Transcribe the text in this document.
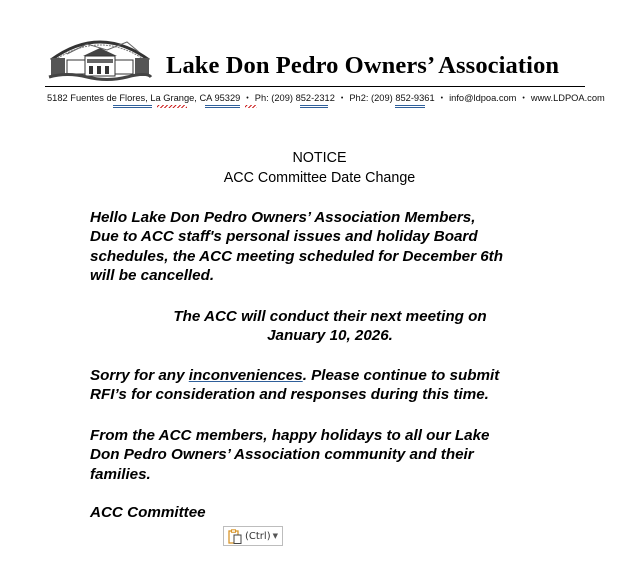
Lake Don Pedro Owners’ Association
5182 Fuentes de Flores, La Grange, CA 95329 • Ph: (209) 852-2312 • Ph2: (209) 852-9361 • info@ldpoa.com • www.LDPOA.com
NOTICE
ACC Committee Date Change
Hello Lake Don Pedro Owners’ Association Members,
Due to ACC staff's personal issues and holiday Board
schedules, the ACC meeting scheduled for December 6th
will be cancelled.
The ACC will conduct their next meeting on
January 10, 2026.
Sorry for any inconveniences. Please continue to submit
RFI’s for consideration and responses during this time.
From the ACC members, happy holidays to all our Lake
Don Pedro Owners’ Association community and their
families.
ACC Committee
(Ctrl) ▼
